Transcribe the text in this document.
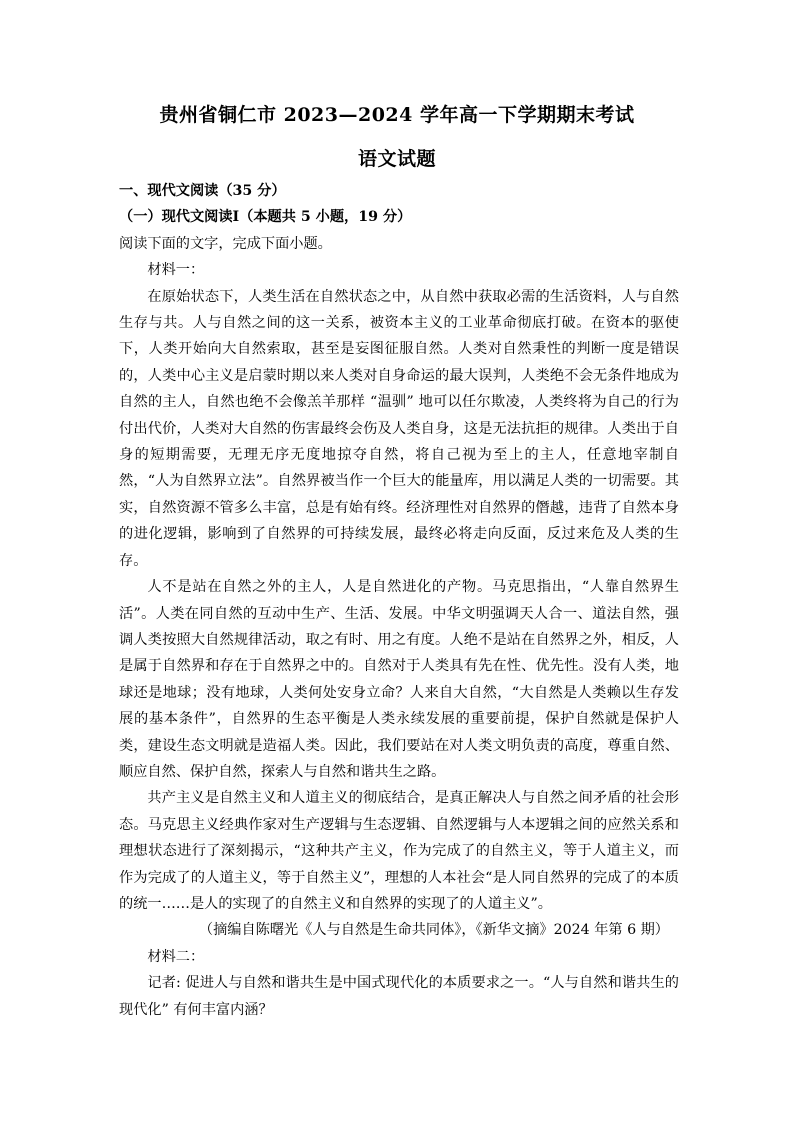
贵州省铜仁市 2023—2024 学年高一下学期期末考试
语文试题

一、现代文阅读（35 分）

（一）现代文阅读Ⅰ（本题共 5 小题，19 分）

阅读下面的文字，完成下面小题。

材料一：

在原始状态下，人类生活在自然状态之中，从自然中获取必需的生活资料，人与自然生存与共。人与自然之间的这一关系，被资本主义的工业革命彻底打破。在资本的驱使下，人类开始向大自然索取，甚至是妄图征服自然。人类对自然秉性的判断一度是错误的，人类中心主义是启蒙时期以来人类对自身命运的最大误判，人类绝不会无条件地成为自然的主人，自然也绝不会像羔羊那样 “温驯” 地可以任尔欺凌，人类终将为自己的行为付出代价，人类对大自然的伤害最终会伤及人类自身，这是无法抗拒的规律。人类出于自身的短期需要，无理无序无度地掠夺自然，将自己视为至上的主人，任意地宰制自然，“人为自然界立法”。自然界被当作一个巨大的能量库，用以满足人类的一切需要。其实，自然资源不管多么丰富，总是有始有终。经济理性对自然界的僭越，违背了自然本身的进化逻辑，影响到了自然界的可持续发展，最终必将走向反面，反过来危及人类的生存。

人不是站在自然之外的主人，人是自然进化的产物。马克思指出，“人靠自然界生活”。人类在同自然的互动中生产、生活、发展。中华文明强调天人合一、道法自然，强调人类按照大自然规律活动，取之有时、用之有度。人绝不是站在自然界之外，相反，人是属于自然界和存在于自然界之中的。自然对于人类具有先在性、优先性。没有人类，地球还是地球；没有地球，人类何处安身立命？人来自大自然，“大自然是人类赖以生存发展的基本条件”，自然界的生态平衡是人类永续发展的重要前提，保护自然就是保护人类，建设生态文明就是造福人类。因此，我们要站在对人类文明负责的高度，尊重自然、顺应自然、保护自然，探索人与自然和谐共生之路。

共产主义是自然主义和人道主义的彻底结合，是真正解决人与自然之间矛盾的社会形态。马克思主义经典作家对生产逻辑与生态逻辑、自然逻辑与人本逻辑之间的应然关系和理想状态进行了深刻揭示，“这种共产主义，作为完成了的自然主义，等于人道主义，而作为完成了的人道主义，等于自然主义”，理想的人本社会“是人同自然界的完成了的本质的统一……是人的实现了的自然主义和自然界的实现了的人道主义”。

（摘编自陈曙光《人与自然是生命共同体》，《新华文摘》2024 年第 6 期）

材料二：

记者: 促进人与自然和谐共生是中国式现代化的本质要求之一。“人与自然和谐共生的现代化” 有何丰富内涵？
